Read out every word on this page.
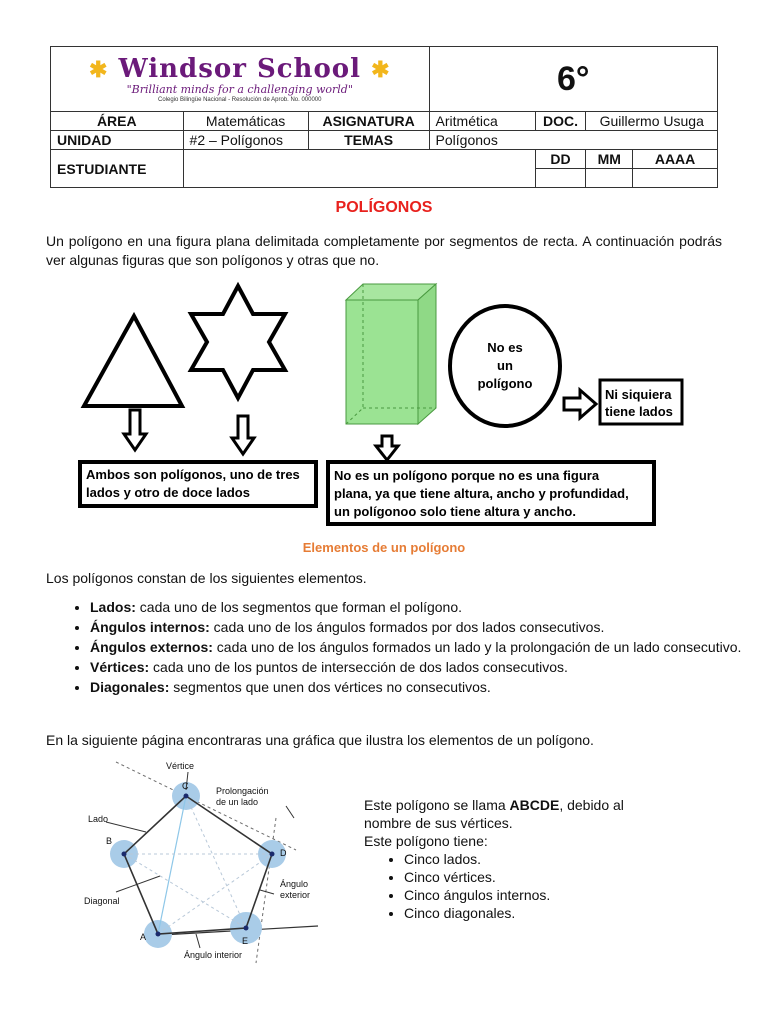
✱ Windsor School ✱
"Brilliant minds for a challenging world"
Colegio Bilingüe Nacional - Resolución de Aprob. No. 000000			6°			
ÁREA	Matemáticas	ASIGNATURA	Aritmética	DOC.	Guillermo Usuga	
UNIDAD	#2 – Polígonos	TEMAS	Polígonos			
ESTUDIANTE				DD	MM	AAAA

POLÍGONOS
Un polígono en una figura plana delimitada completamente por segmentos de recta. A continuación podrás ver algunas figuras que son polígonos y otras que no.
No es
un
polígono
Ni siquiera
tiene lados
Ambos son polígonos, uno de tres
lados y otro de doce lados
No es un polígono porque no es una figura
plana, ya que tiene altura, ancho y profundidad,
un polígonoo solo tiene altura y ancho.
Elementos de un polígono
Los polígonos constan de los siguientes elementos.
• Lados: cada uno de los segmentos que forman el polígono.
• Ángulos internos: cada uno de los ángulos formados por dos lados consecutivos.
• Ángulos externos: cada uno de los ángulos formados un lado y la prolongación de un lado consecutivo.
• Vértices: cada uno de los puntos de intersección de dos lados consecutivos.
• Diagonales: segmentos que unen dos vértices no consecutivos.
En la siguiente página encontraras una gráfica que ilustra los elementos de un polígono.
Vértice
Prolongación
de un lado
Lado
Diagonal
Ángulo
exterior
Ángulo interior
A
B
C
D
E
Este polígono se llama ABCDE, debido al nombre de sus vértices.
Este polígono tiene:
• Cinco lados.
• Cinco vértices.
• Cinco ángulos internos.
• Cinco diagonales.
